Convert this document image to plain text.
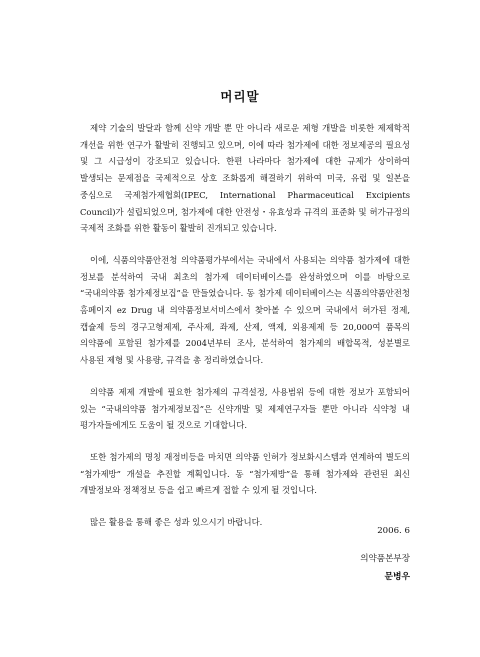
머리말

제약 기술의 발달과 함께 신약 개발 뿐 만 아니라 새로운 제형 개발을 비롯한 제제학적 개선을 위한 연구가 활발히 진행되고 있으며, 이에 따라 첨가제에 대한 정보제공의 필요성 및 그 시급성이 강조되고 있습니다. 한편 나라마다 첨가제에 대한 규제가 상이하여 발생되는 문제점을 국제적으로 상호 조화롭게 해결하기 위하여 미국, 유럽 및 일본을 중심으로 국제첨가제협회(IPEC, International Pharmaceutical Excipients Council)가 설립되었으며, 첨가제에 대한 안전성・유효성과 규격의 표준화 및 허가규정의 국제적 조화를 위한 활동이 활발히 진개되고 있습니다.

이에, 식품의약품안전청 의약품평가부에서는 국내에서 사용되는 의약품 첨가제에 대한 정보를 분석하여 국내 최초의 첨가제 데이터베이스를 완성하였으며 이를 바탕으로 “국내의약품 첨가제정보집”을 만들었습니다. 동 첨가제 데이터베이스는 식품의약품안전청 홈페이지 ez Drug 내 의약품정보서비스에서 찾아볼 수 있으며 국내에서 허가된 정제, 캡슐제 등의 경구고형제제, 주사제, 좌제, 산제, 액제, 외용제제 등 20,000여 품목의 의약품에 포함된 첨가제를 2004년부터 조사, 분석하여 첨가제의 배합목적, 성분별로 사용된 제형 및 사용량, 규격을 총 정리하였습니다.

의약품 제제 개발에 필요한 첨가제의 규격설정, 사용범위 등에 대한 정보가 포함되어 있는 “국내의약품 첨가제정보집”은 신약개발 및 제제연구자들 뿐만 아니라 식약청 내 평가자들에게도 도움이 될 것으로 기대합니다.

또한 첨가제의 명칭 재정비등을 마치면 의약품 인허가 정보화시스템과 연계하여 별도의 “첨가제방” 개설을 추진할 계획입니다. 동 “첨가제방”을 통해 첨가제와 관련된 최신 개발정보와 정책정보 등을 쉽고 빠르게 접할 수 있게 될 것입니다.

많은 활용을 통해 좋은 성과 있으시기 바랍니다.

2006. 6
의약품본부장
문병우
